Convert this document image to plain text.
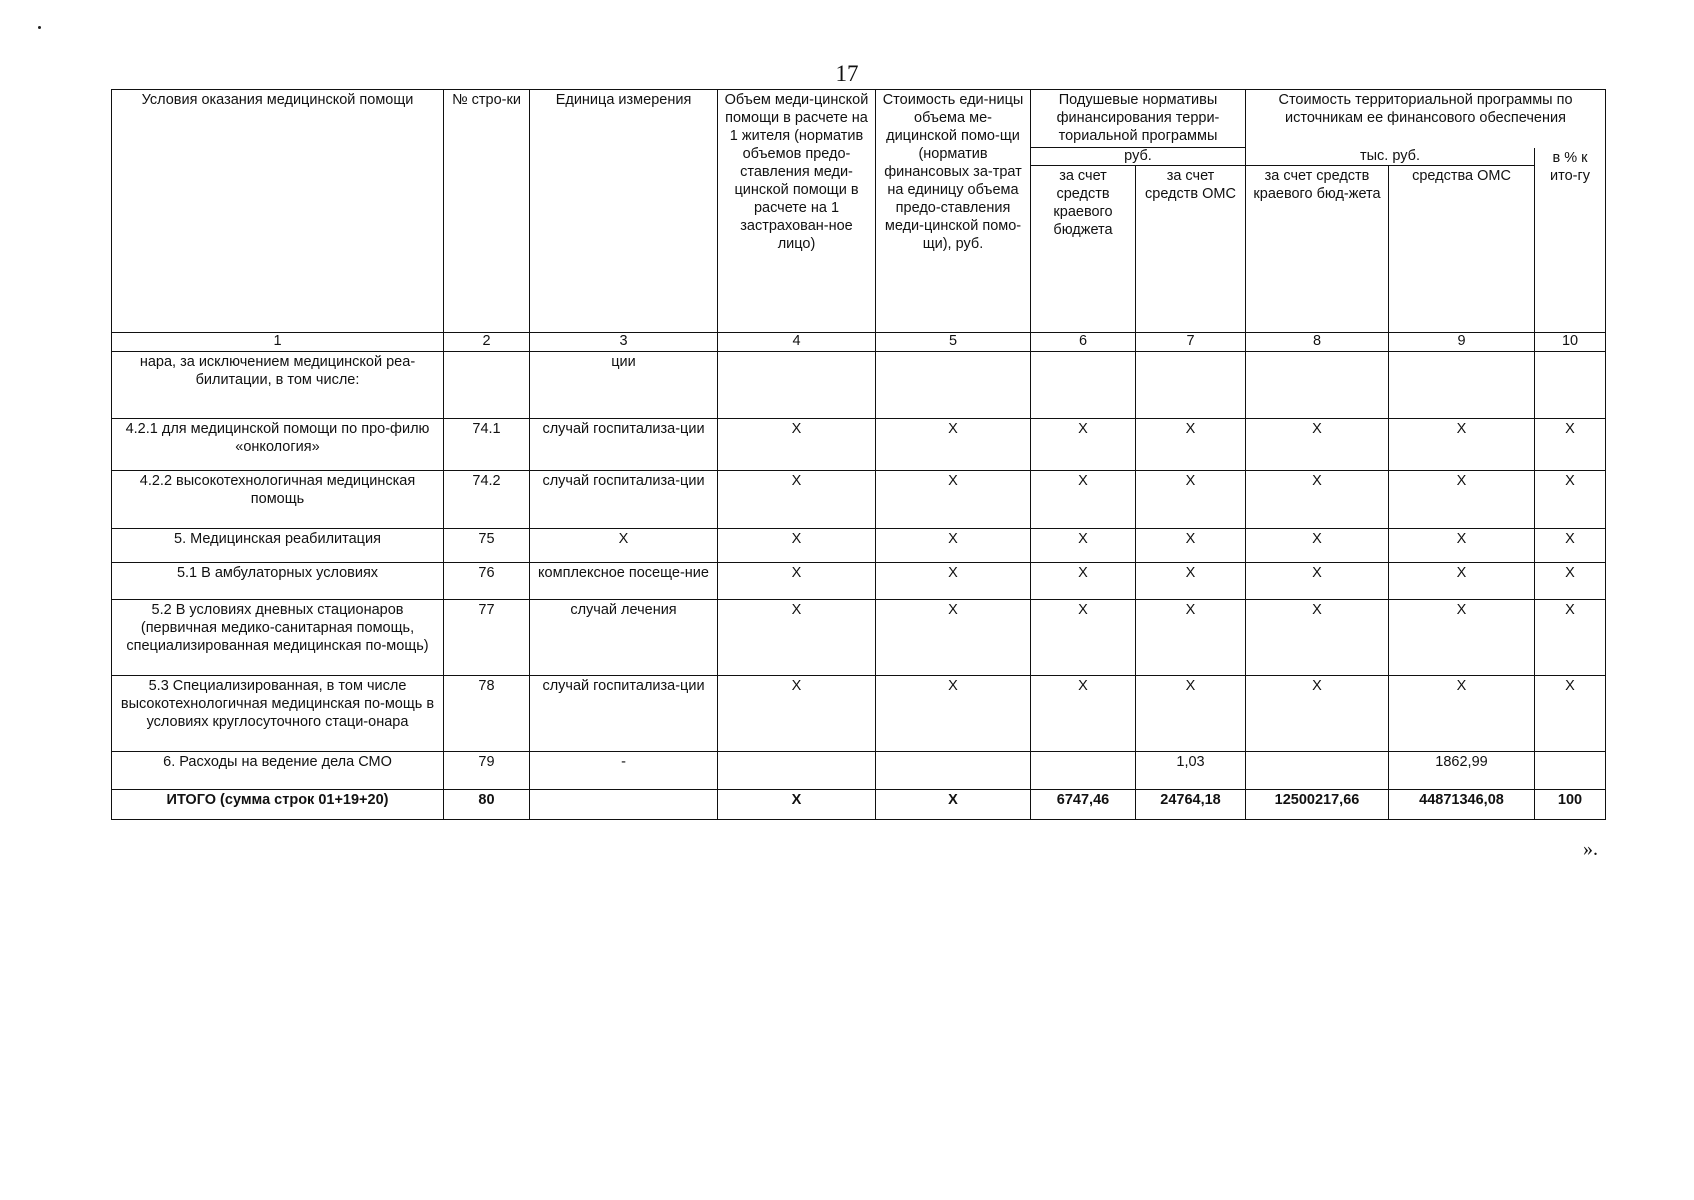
17
Условия оказания медицинской помощи	№ стро-ки	Единица измерения	Объем меди-цинской помощи в расчете на 1 жителя (норматив объемов предо-ставления меди-цинской помощи в расчете на 1 застрахован-ное лицо)	Стоимость еди-ницы объема ме-дицинской помо-щи (норматив финансовых за-трат на единицу объема предо-ставления меди-цинской помо-щи), руб.	Подушевые нормативы финансирования терри-ториальной программы		Стоимость территориальной программы по источникам ее финансового обеспечения		
					руб.		тыс. руб.		в % к ито-гу
					за счет средств краевого бюджета	за счет средств ОМС	за счет средств краевого бюд-жета	средства ОМС	
1	2	3	4	5	6	7	8	9	10
нара, за исключением медицинской реа-билитации, в том числе:		ции							
4.2.1 для медицинской помощи по про-филю «онкология»	74.1	случай госпитализа-ции	Х	Х	Х	Х	Х	Х	Х
4.2.2 высокотехнологичная медицинская помощь	74.2	случай госпитализа-ции	Х	Х	Х	Х	Х	Х	Х
5. Медицинская реабилитация	75	Х	Х	Х	Х	Х	Х	Х	Х
5.1 В амбулаторных условиях	76	комплексное посеще-ние	Х	Х	Х	Х	Х	Х	Х
5.2 В условиях дневных стационаров (первичная медико-санитарная помощь, специализированная медицинская по-мощь)	77	случай лечения	Х	Х	Х	Х	Х	Х	Х
5.3 Специализированная, в том числе высокотехнологичная медицинская по-мощь в условиях круглосуточного стаци-онара	78	случай госпитализа-ции	Х	Х	Х	Х	Х	Х	Х
6. Расходы на ведение дела СМО	79	-				1,03		1862,99	
ИТОГО (сумма строк 01+19+20)	80		Х	Х	6747,46	24764,18	12500217,66	44871346,08	100
».
